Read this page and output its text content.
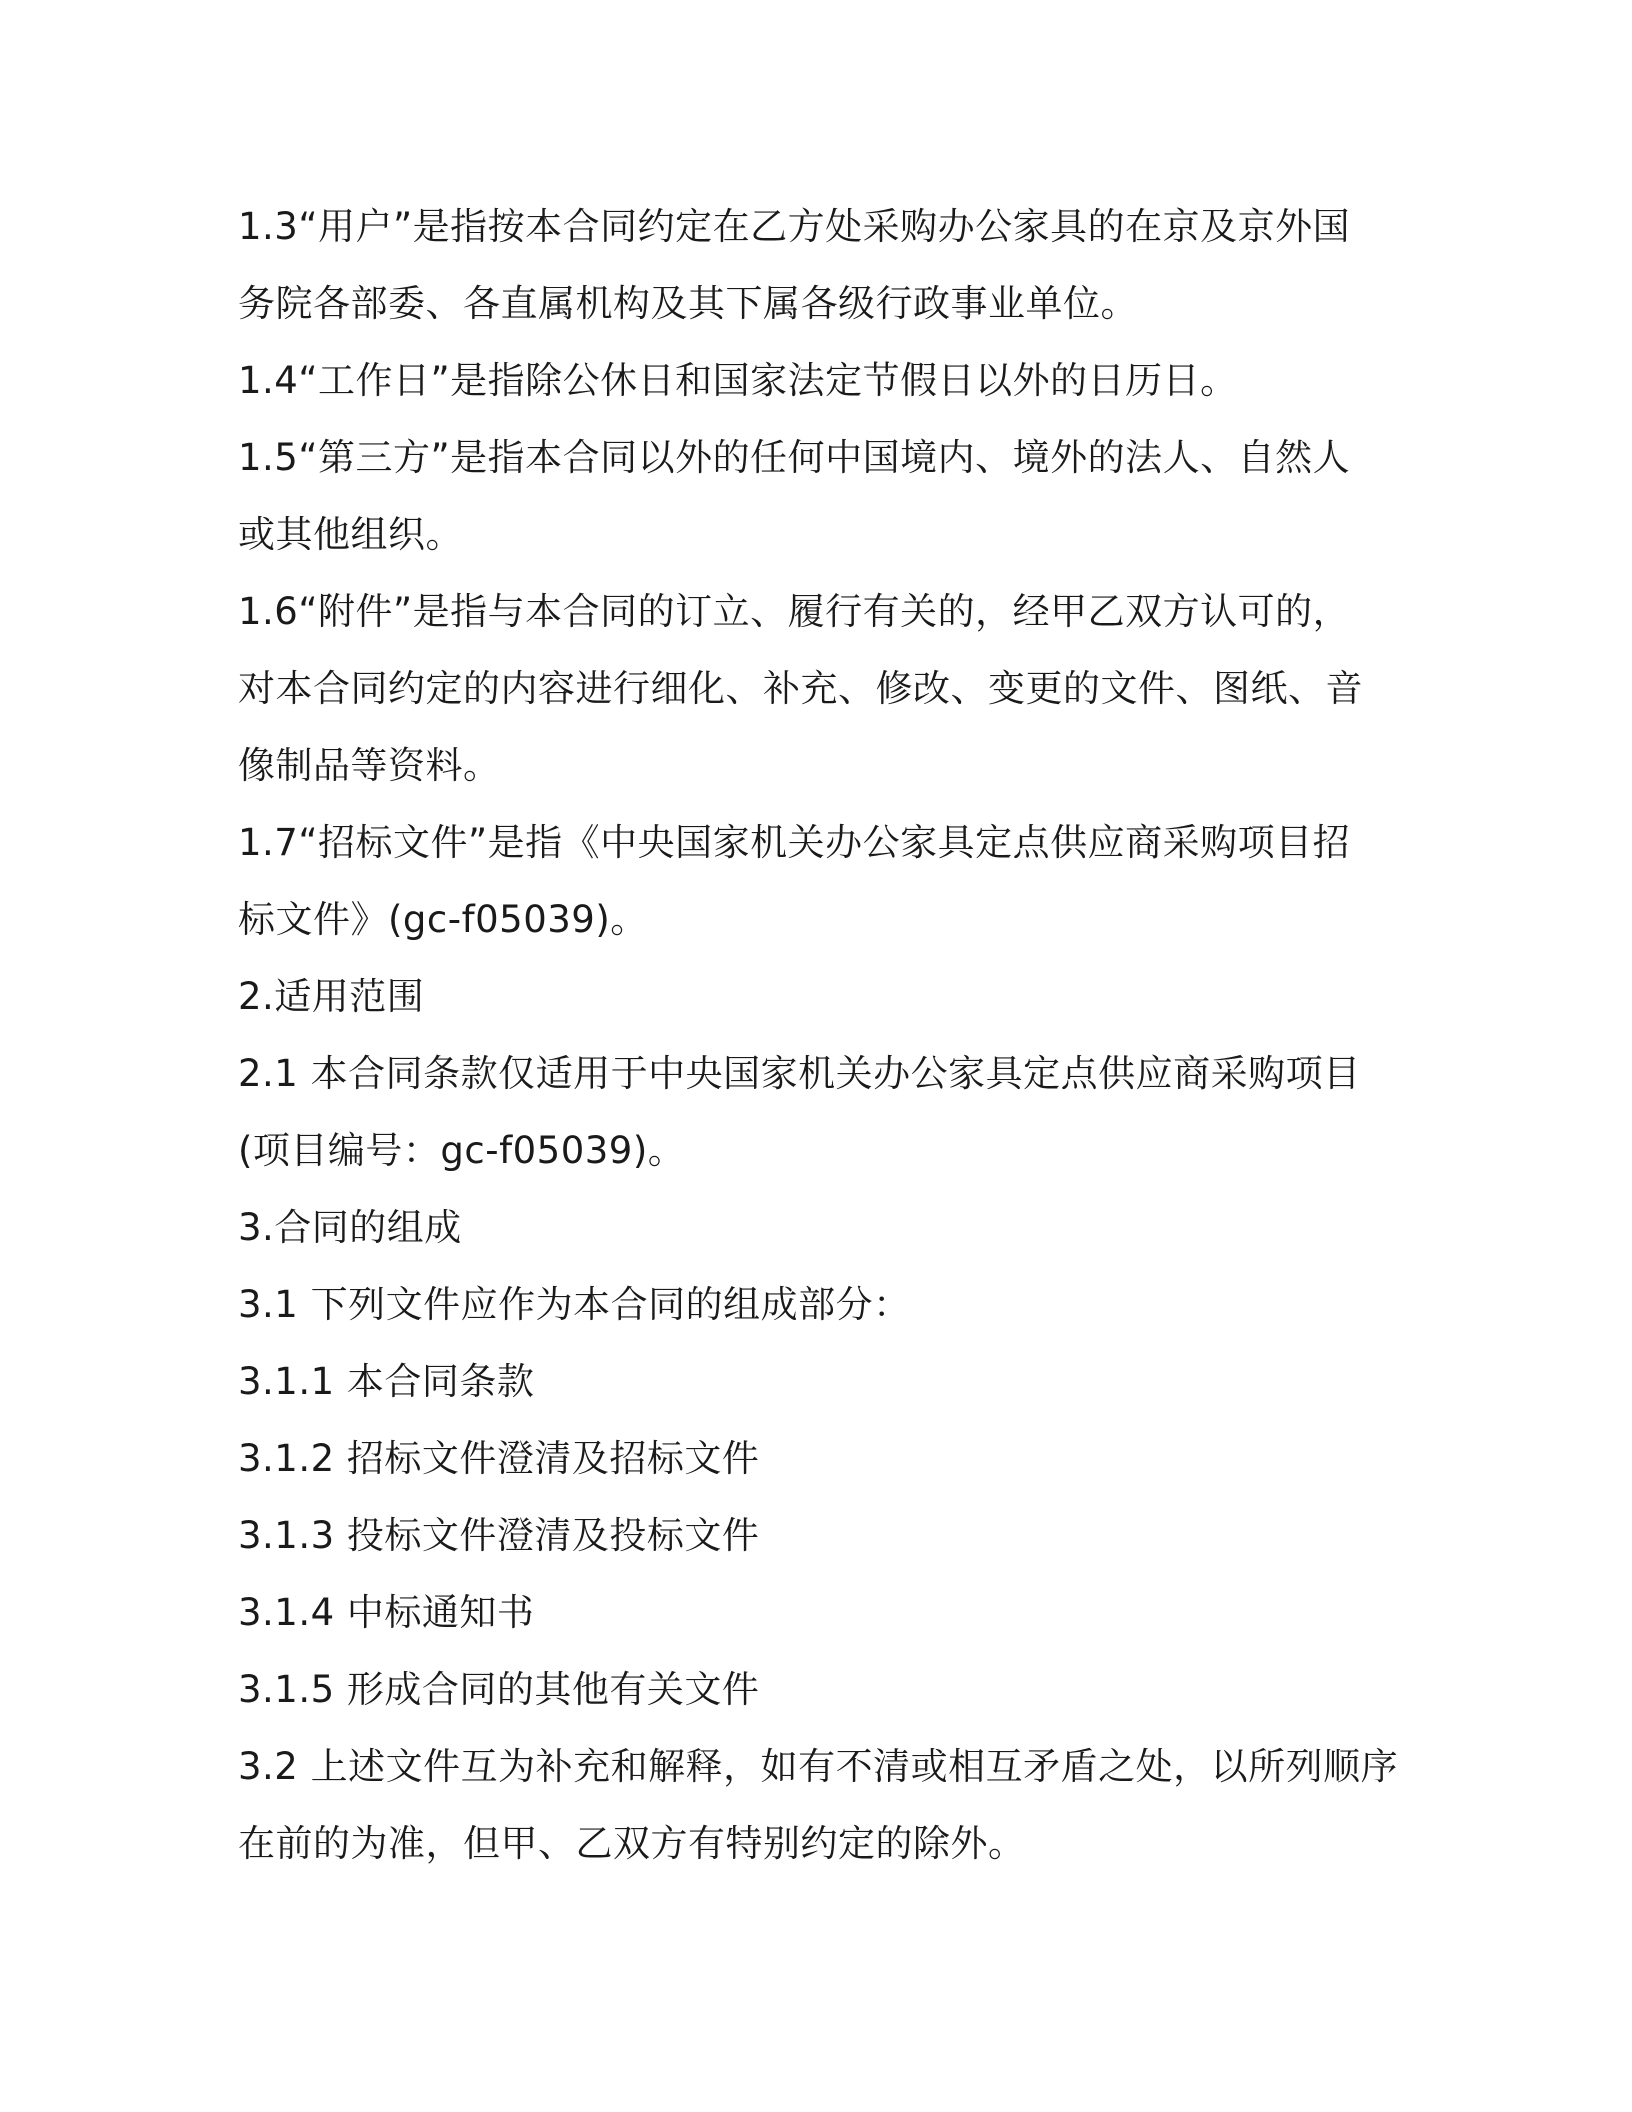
1.3“用户”是指按本合同约定在乙方处采购办公家具的在京及京外国
务院各部委、各直属机构及其下属各级行政事业单位。
1.4“工作日”是指除公休日和国家法定节假日以外的日历日。
1.5“第三方”是指本合同以外的任何中国境内、境外的法人、自然人
或其他组织。
1.6“附件”是指与本合同的订立、履行有关的，经甲乙双方认可的，
对本合同约定的内容进行细化、补充、修改、变更的文件、图纸、音
像制品等资料。
1.7“招标文件”是指《中央国家机关办公家具定点供应商采购项目招
标文件》(gc-f05039)。
2.适用范围
2.1 本合同条款仅适用于中央国家机关办公家具定点供应商采购项目
(项目编号：gc-f05039)。
3.合同的组成
3.1 下列文件应作为本合同的组成部分：
3.1.1 本合同条款
3.1.2 招标文件澄清及招标文件
3.1.3 投标文件澄清及投标文件
3.1.4 中标通知书
3.1.5 形成合同的其他有关文件
3.2 上述文件互为补充和解释，如有不清或相互矛盾之处，以所列顺序
在前的为准，但甲、乙双方有特别约定的除外。
